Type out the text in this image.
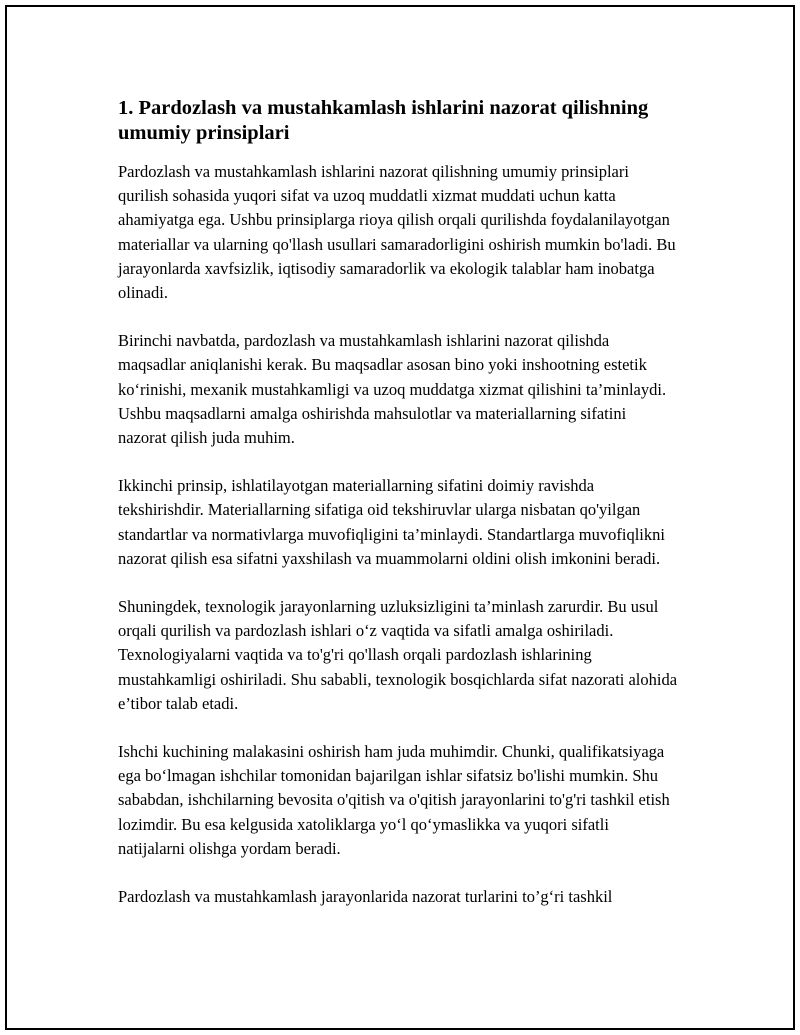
1. Pardozlash va mustahkamlash ishlarini nazorat qilishning umumiy prinsiplari

Pardozlash va mustahkamlash ishlarini nazorat qilishning umumiy prinsiplari qurilish sohasida yuqori sifat va uzoq muddatli xizmat muddati uchun katta ahamiyatga ega. Ushbu prinsiplarga rioya qilish orqali qurilishda foydalanilayotgan materiallar va ularning qo'llash usullari samaradorligini oshirish mumkin bo'ladi. Bu jarayonlarda xavfsizlik, iqtisodiy samaradorlik va ekologik talablar ham inobatga olinadi.

Birinchi navbatda, pardozlash va mustahkamlash ishlarini nazorat qilishda maqsadlar aniqlanishi kerak. Bu maqsadlar asosan bino yoki inshootning estetik ko‘rinishi, mexanik mustahkamligi va uzoq muddatga xizmat qilishini ta’minlaydi. Ushbu maqsadlarni amalga oshirishda mahsulotlar va materiallarning sifatini nazorat qilish juda muhim.

Ikkinchi prinsip, ishlatilayotgan materiallarning sifatini doimiy ravishda tekshirishdir. Materiallarning sifatiga oid tekshiruvlar ularga nisbatan qo'yilgan standartlar va normativlarga muvofiqligini ta’minlaydi. Standartlarga muvofiqlikni nazorat qilish esa sifatni yaxshilash va muammolarni oldini olish imkonini beradi.

Shuningdek, texnologik jarayonlarning uzluksizligini ta’minlash zarurdir. Bu usul orqali qurilish va pardozlash ishlari o‘z vaqtida va sifatli amalga oshiriladi. Texnologiyalarni vaqtida va to'g'ri qo'llash orqali pardozlash ishlarining mustahkamligi oshiriladi. Shu sababli, texnologik bosqichlarda sifat nazorati alohida e’tibor talab etadi.

Ishchi kuchining malakasini oshirish ham juda muhimdir. Chunki, qualifikatsiyaga ega bo‘lmagan ishchilar tomonidan bajarilgan ishlar sifatsiz bo'lishi mumkin. Shu sababdan, ishchilarning bevosita o'qitish va o'qitish jarayonlarini to'g'ri tashkil etish lozimdir. Bu esa kelgusida xatoliklarga yo‘l qo‘ymaslikka va yuqori sifatli natijalarni olishga yordam beradi.

Pardozlash va mustahkamlash jarayonlarida nazorat turlarini to’g‘ri tashkil
